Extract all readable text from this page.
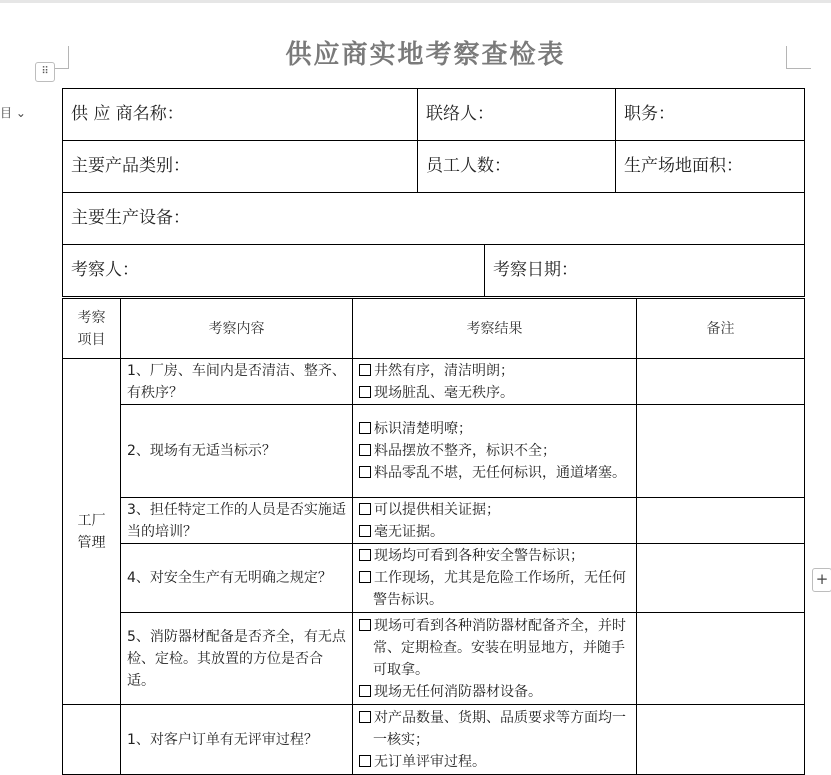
⠿
目 ⌄
+
供应商实地考察查检表
供 应 商名称：	联络人：	职务：
主要产品类别：	员工人数：	生产场地面积：
主要生产设备：
考察人：	考察日期：
考察
项目	考察内容	考察结果	备注
工厂
管理	1、厂房、车间内是否清洁、整齐、有秩序？	井然有序，清洁明朗；
现场脏乱、毫无秩序。	

	2、现场有无适当标示？	标识清楚明嘹；
料品摆放不整齐，标识不全；
料品零乱不堪，无任何标识，通道堵塞。	

	3、担任特定工作的人员是否实施适当的培训？	可以提供相关证据；
毫无证据。	

	4、对安全生产有无明确之规定？	现场均可看到各种安全警告标识；
工作现场，尤其是危险工作场所，无任何警告标识。	

	5、消防器材配备是否齐全，有无点检、定检。其放置的方位是否合适。	现场可看到各种消防器材配备齐全，并时常、定期检查。安装在明显地方，并随手可取拿。
现场无任何消防器材设备。	

	1、对客户订单有无评审过程？	对产品数量、货期、品质要求等方面均一一核实；
无订单评审过程。	
